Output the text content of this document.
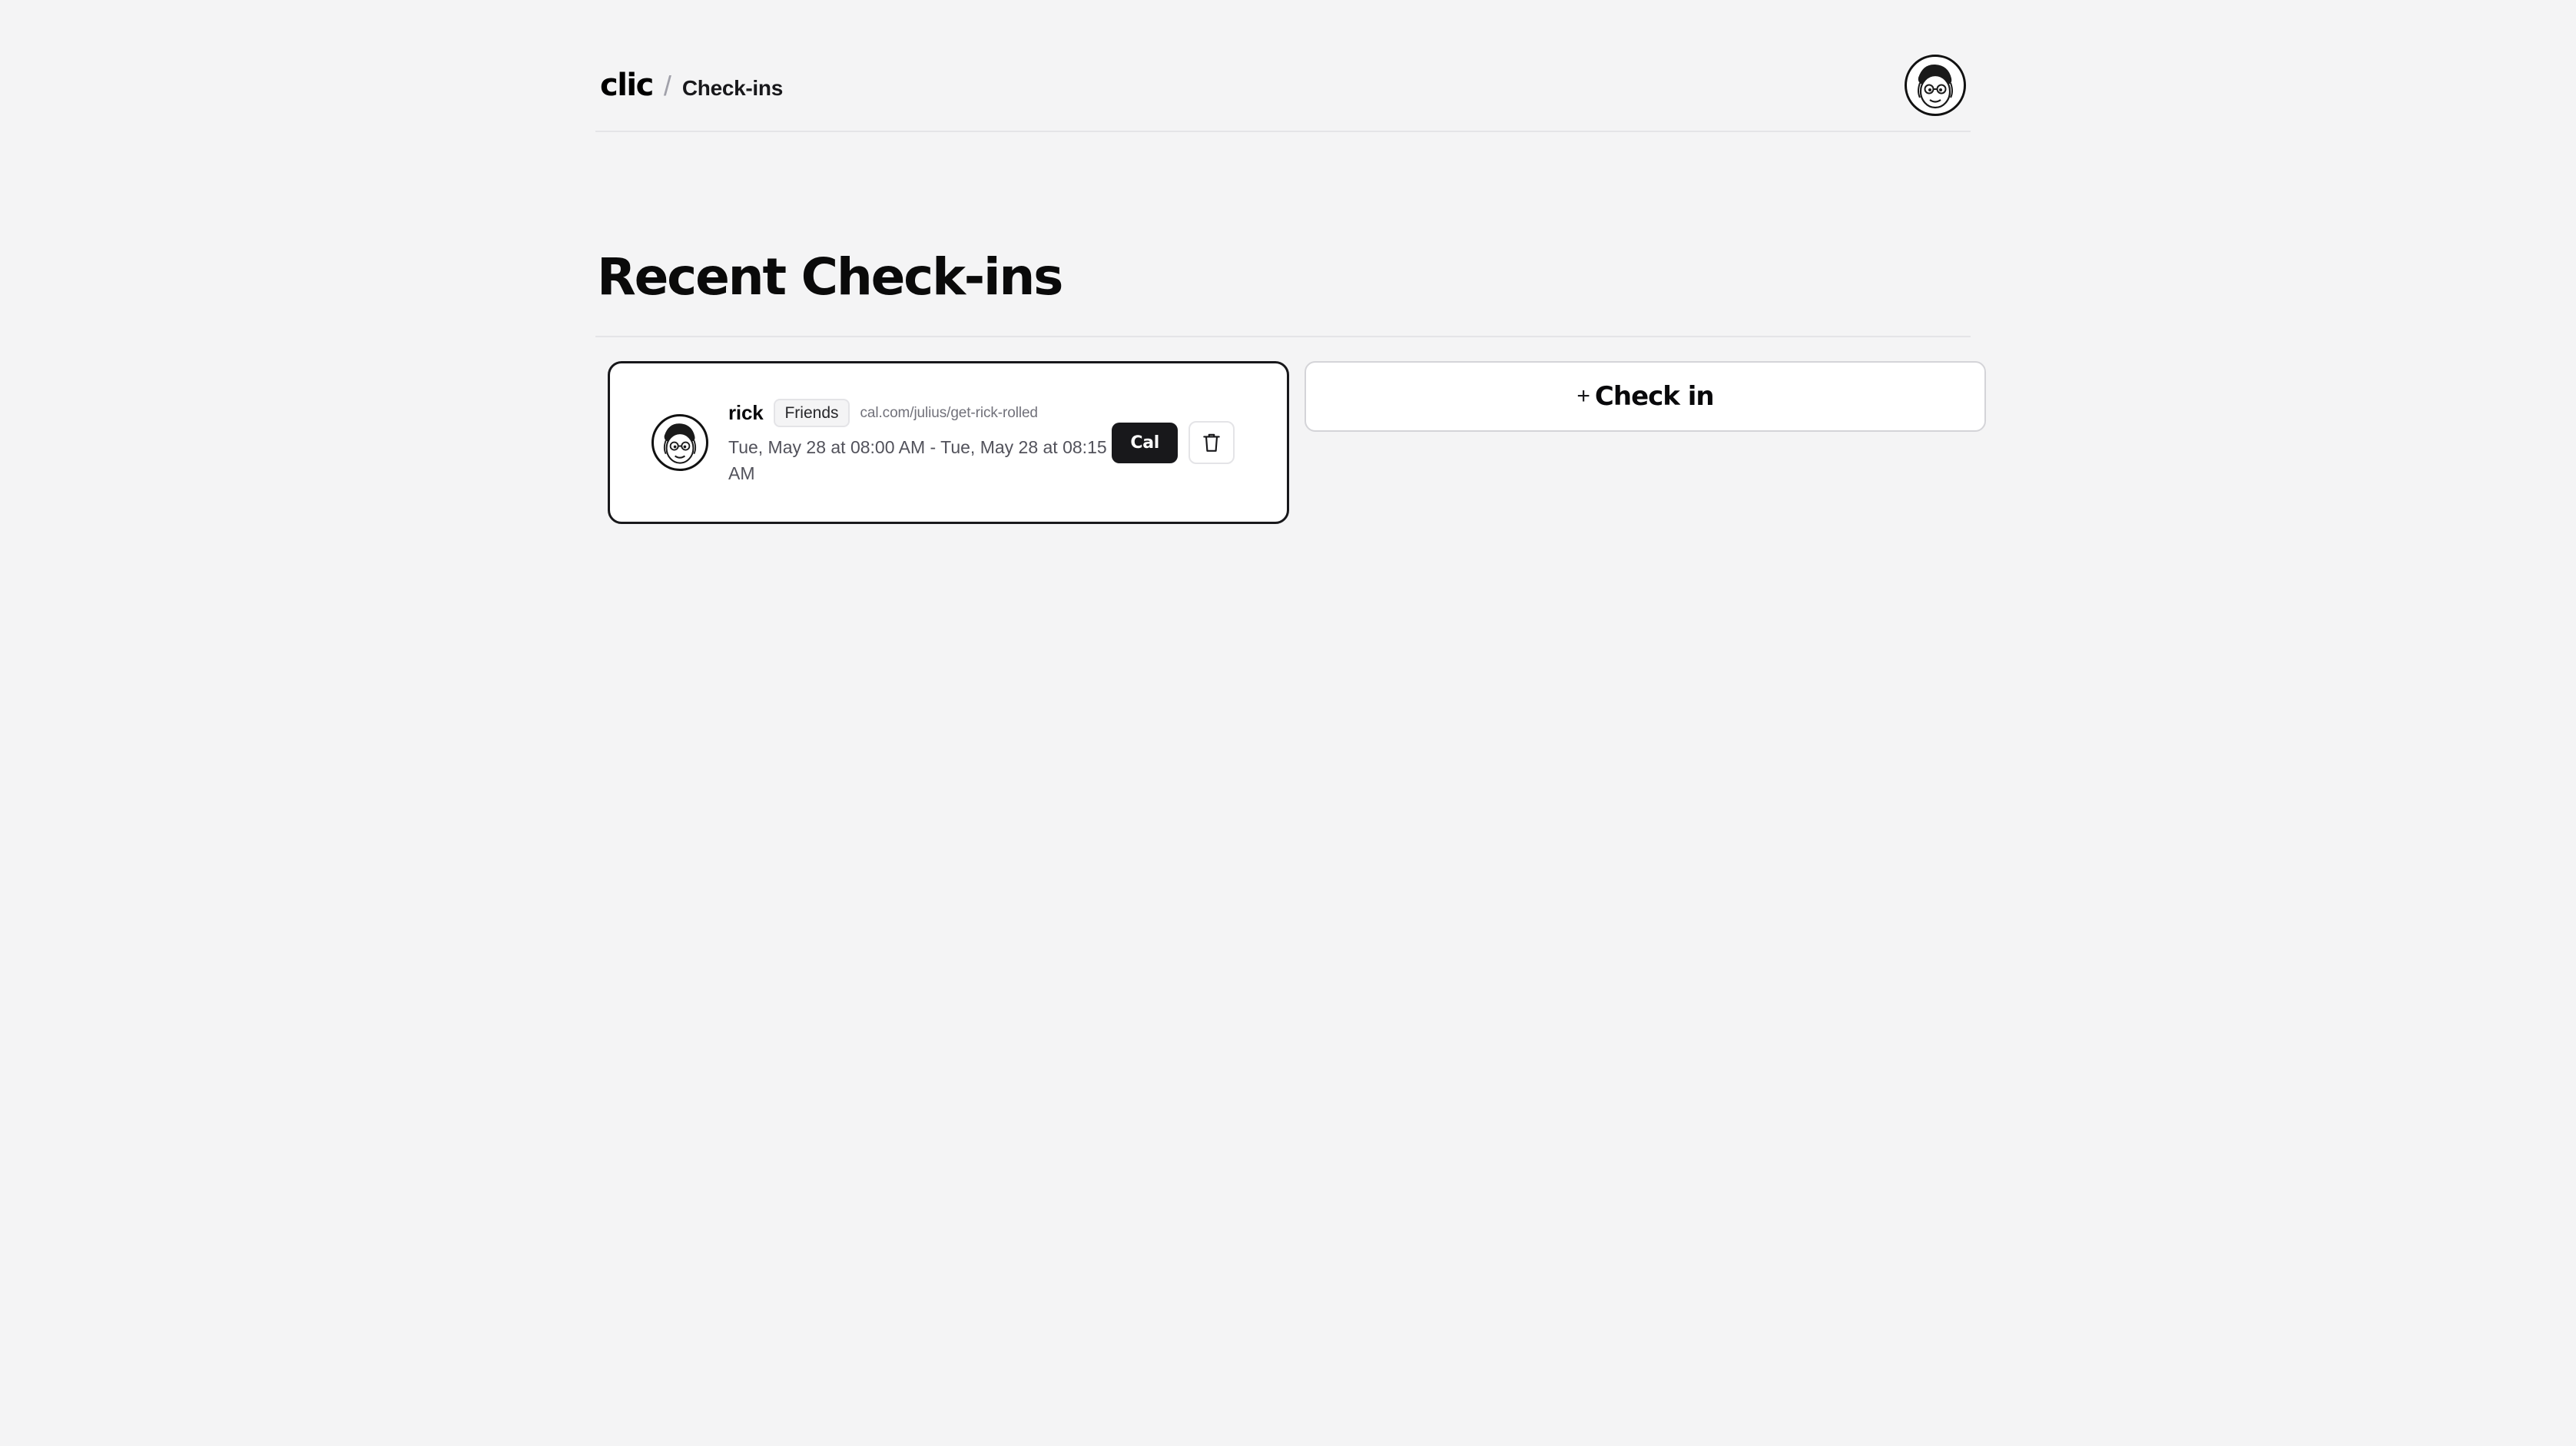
clic / Check-ins
Recent Check-ins
rick	Friends	cal.com/julius/get-rick-rolled
Tue, May 28 at 08:00 AM - Tue, May 28 at 08:15 AM
Cal
+ Check in
